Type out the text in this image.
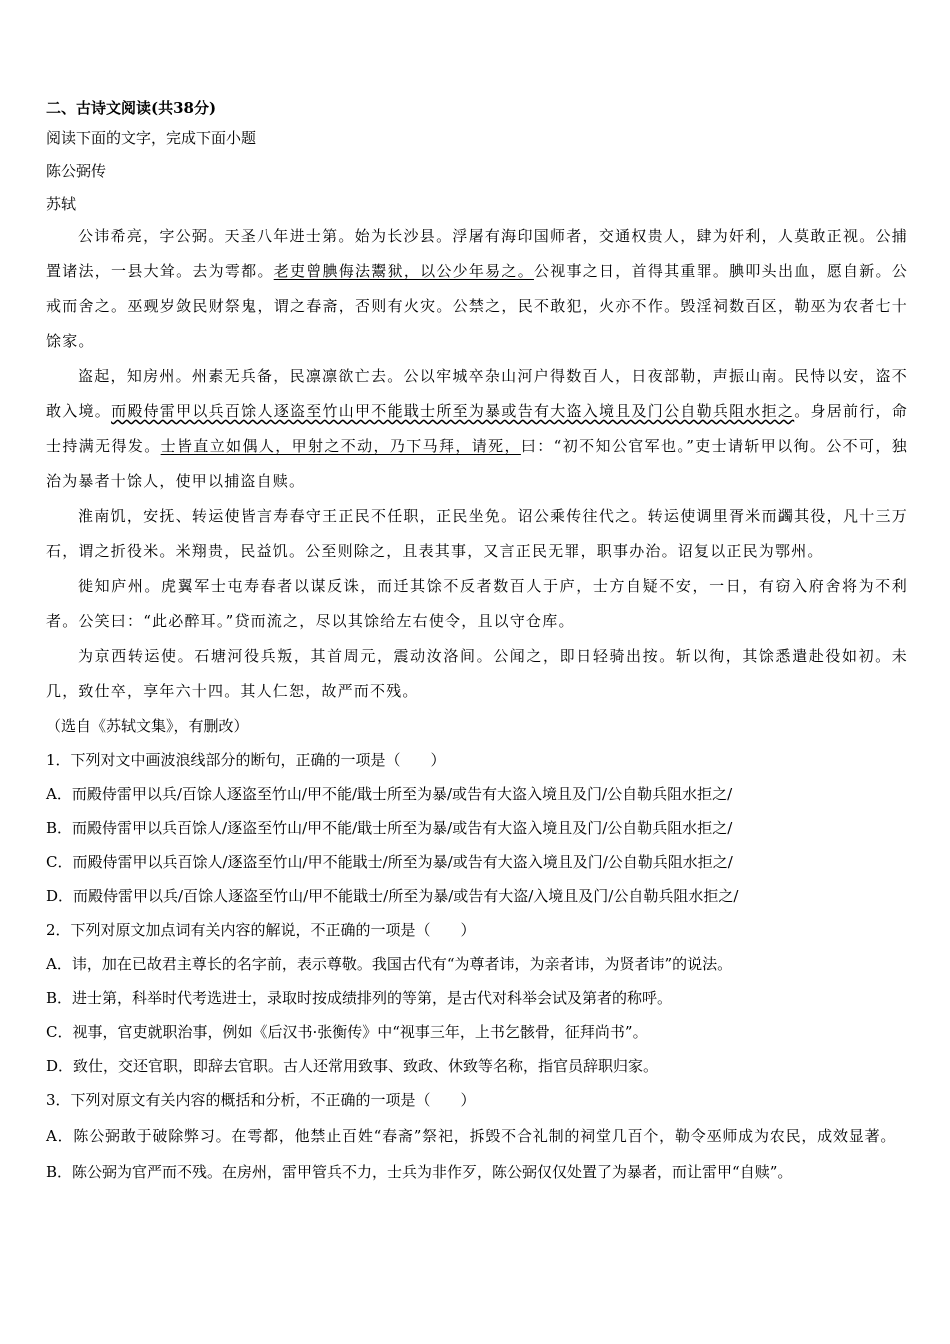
二、古诗文阅读(共38分)
阅读下面的文字，完成下面小题
陈公弼传
苏轼

公讳希亮，字公弼。天圣八年进士第。始为长沙县。浮屠有海印国师者，交通权贵人，肆为奸利，人莫敢正视。公捕置诸法，一县大耸。去为雩都。老吏曾腆侮法鬻狱，以公少年易之。公视事之日，首得其重罪。腆叩头出血，愿自新。公戒而舍之。巫觋岁敛民财祭鬼，谓之春斋，否则有火灾。公禁之，民不敢犯，火亦不作。毁淫祠数百区，勒巫为农者七十馀家。

盗起，知房州。州素无兵备，民凛凛欲亡去。公以牢城卒杂山河户得数百人，日夜部勒，声振山南。民恃以安，盗不敢入境。而殿侍雷甲以兵百馀人逐盗至竹山甲不能戢士所至为暴或告有大盗入境且及门公自勒兵阻水拒之。身居前行，命士持满无得发。士皆直立如偶人，甲射之不动，乃下马拜，请死，曰：“初不知公官军也。”吏士请斩甲以徇。公不可，独治为暴者十馀人，使甲以捕盗自赎。

淮南饥，安抚、转运使皆言寿春守王正民不任职，正民坐免。诏公乘传往代之。转运使调里胥米而蠲其役，凡十三万石，谓之折役米。米翔贵，民益饥。公至则除之，且表其事，又言正民无罪，职事办治。诏复以正民为鄂州。

徙知庐州。虎翼军士屯寿春者以谋反诛，而迁其馀不反者数百人于庐，士方自疑不安，一日，有窃入府舍将为不利者。公笑曰：“此必醉耳。”贷而流之，尽以其馀给左右使令，且以守仓库。

为京西转运使。石塘河役兵叛，其首周元，震动汝洛间。公闻之，即日轻骑出按。斩以徇，其馀悉遣赴役如初。未几，致仕卒，享年六十四。其人仁恕，故严而不残。

（选自《苏轼文集》，有删改）

1．下列对文中画波浪线部分的断句，正确的一项是（　　）

A．而殿侍雷甲以兵/百馀人逐盗至竹山/甲不能/戢士所至为暴/或告有大盗入境且及门/公自勒兵阻水拒之/

B．而殿侍雷甲以兵百馀人/逐盗至竹山/甲不能/戢士所至为暴/或告有大盗入境且及门/公自勒兵阻水拒之/

C．而殿侍雷甲以兵百馀人/逐盗至竹山/甲不能戢士/所至为暴/或告有大盗入境且及门/公自勒兵阻水拒之/

D．而殿侍雷甲以兵/百馀人逐盗至竹山/甲不能戢士/所至为暴/或告有大盗/入境且及门/公自勒兵阻水拒之/

2．下列对原文加点词有关内容的解说，不正确的一项是（　　）

A．讳，加在已故君主尊长的名字前，表示尊敬。我国古代有“为尊者讳，为亲者讳，为贤者讳”的说法。

B．进士第，科举时代考选进士，录取时按成绩排列的等第，是古代对科举会试及第者的称呼。

C．视事，官吏就职治事，例如《后汉书·张衡传》中“视事三年，上书乞骸骨，征拜尚书”。

D．致仕，交还官职，即辞去官职。古人还常用致事、致政、休致等名称，指官员辞职归家。

3．下列对原文有关内容的概括和分析，不正确的一项是（　　）

A．陈公弼敢于破除弊习。在雩都，他禁止百姓“春斋”祭祀，拆毁不合礼制的祠堂几百个，勒令巫师成为农民，成效显著。

B．陈公弼为官严而不残。在房州，雷甲管兵不力，士兵为非作歹，陈公弼仅仅处置了为暴者，而让雷甲“自赎”。
